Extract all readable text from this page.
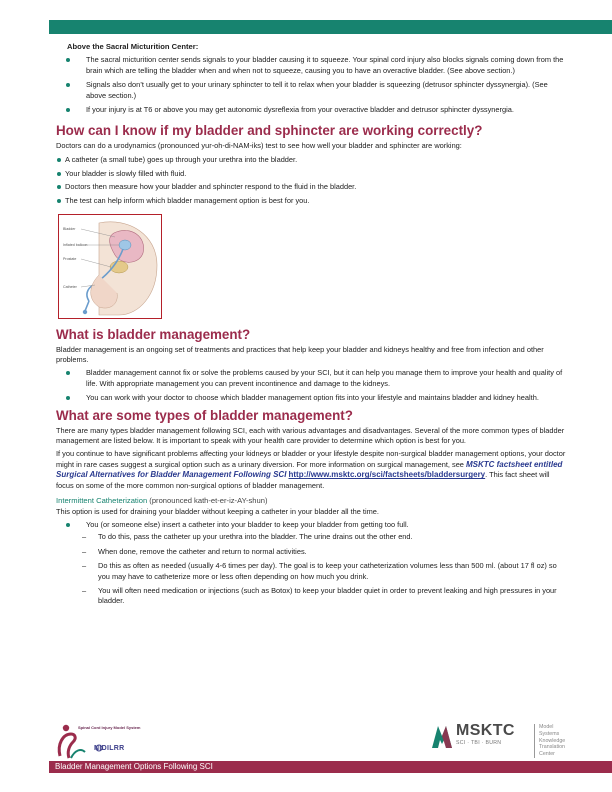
Above the Sacral Micturition Center:
The sacral micturition center sends signals to your bladder causing it to squeeze. Your spinal cord injury also blocks signals coming down from the brain which are telling the bladder when and when not to squeeze, causing you to have an overactive bladder. (See above section.)
Signals also don’t usually get to your urinary sphincter to tell it to relax when your bladder is squeezing (detrusor sphincter dyssynergia). (See above section.)
If your injury is at T6 or above you may get autonomic dysreflexia from your overactive bladder and detrusor sphincter dyssynergia.
How can I know if my bladder and sphincter are working correctly?

Doctors can do a urodynamics (pronounced yur-oh-di-NAM-iks) test to see how well your bladder and sphincter are working:

A catheter (a small tube) goes up through your urethra into the bladder.
Your bladder is slowly filled with fluid.
Doctors then measure how your bladder and sphincter respond to the fluid in the bladder.
The test can help inform which bladder management option is best for you.
Bladder
Inflated balloon
Prostate
Catheter
What is bladder management?

Bladder management is an ongoing set of treatments and practices that help keep your bladder and kidneys healthy and free from infection and other problems.

Bladder management cannot fix or solve the problems caused by your SCI, but it can help you manage them to improve your health and quality of life. With appropriate management you can prevent incontinence and damage to the kidneys.
You can work with your doctor to choose which bladder management option fits into your lifestyle and maintains bladder and kidney health.
What are some types of bladder management?

There are many types bladder management following SCI, each with various advantages and disadvantages. Several of the more common types of bladder management are listed below. It is important to speak with your health care provider to determine which option is best for you.

If you continue to have significant problems affecting your kidneys or bladder or your lifestyle despite non-surgical bladder management options, your doctor might in rare cases suggest a surgical option such as a urinary diversion. For more information on surgical management, see MSKTC factsheet entitled Surgical Alternatives for Bladder Management Following SCI http://www.msktc.org/sci/factsheets/bladdersurgery. This fact sheet will focus on some of the more common non-surgical options of bladder management.

Intermittent Catheterization (pronounced kath-et-er-iz-AY-shun)

This option is used for draining your bladder without keeping a catheter in your bladder all the time.

You (or someone else) insert a catheter into your bladder to keep your bladder from getting too full.
– To do this, pass the catheter up your urethra into the bladder. The urine drains out the other end.
– When done, remove the catheter and return to normal activities.
– Do this as often as needed (usually 4-6 times per day). The goal is to keep your catheterization volumes less than 500 ml. (about 17 fl oz) so you may have to catheterize more or less often depending on how much you drink.
– You will often need medication or injections (such as Botox) to keep your bladder quiet in order to prevent leaking and high pressures in your bladder.
Spinal Cord Injury Model System
NIDILRR
MSKTC
SCI · TBI · BURN
Model Systems
Knowledge Translation
Center
Bladder Management Options Following SCI
